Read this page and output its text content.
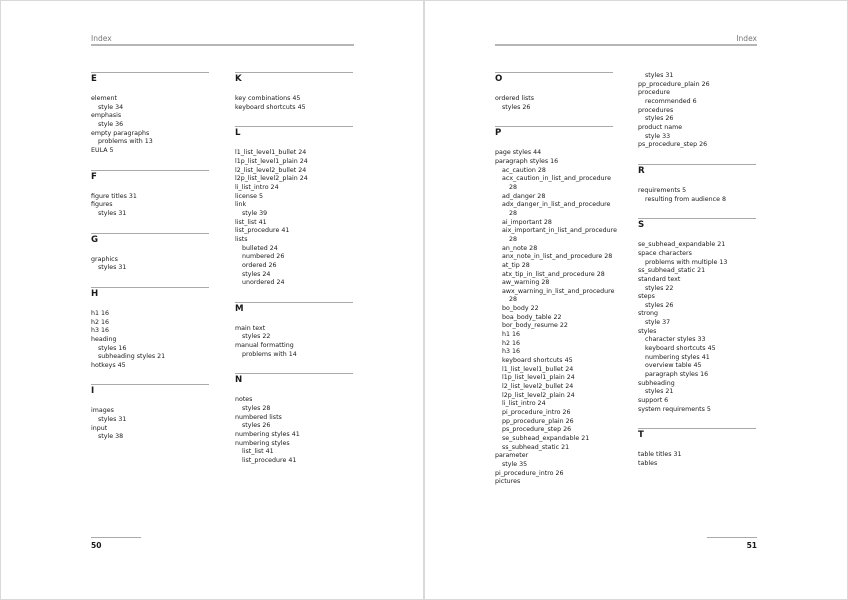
Index
E
element
style 34
emphasis
style 36
empty paragraphs
problems with 13
EULA 5
F
figure titles 31
figures
styles 31
G
graphics
styles 31
H
h1 16
h2 16
h3 16
heading
styles 16
subheading styles 21
hotkeys 45
I
images
styles 31
input
style 38
K
key combinations 45
keyboard shortcuts 45
L
l1_list_level1_bullet 24
l1p_list_level1_plain 24
l2_list_level2_bullet 24
l2p_list_level2_plain 24
li_list_intro 24
license 5
link
style 39
list_list 41
list_procedure 41
lists
bulleted 24
numbered 26
ordered 26
styles 24
unordered 24
M
main text
styles 22
manual formatting
problems with 14
N
notes
styles 28
numbered lists
styles 26
numbering styles 41
numbering styles
list_list 41
list_procedure 41
50
Index
O
ordered lists
styles 26
P
page styles 44
paragraph styles 16
ac_caution 28
acx_caution_in_list_and_procedure
28
ad_danger 28
adx_danger_in_list_and_procedure
28
ai_important 28
aix_important_in_list_and_procedure
28
an_note 28
anx_note_in_list_and_procedure 28
at_tip 28
atx_tip_in_list_and_procedure 28
aw_warning 28
awx_warning_in_list_and_procedure
28
bo_body 22
boa_body_table 22
bor_body_resume 22
h1 16
h2 16
h3 16
keyboard shortcuts 45
l1_list_level1_bullet 24
l1p_list_level1_plain 24
l2_list_level2_bullet 24
l2p_list_level2_plain 24
li_list_intro 24
pi_procedure_intro 26
pp_procedure_plain 26
ps_procedure_step 26
se_subhead_expandable 21
ss_subhead_static 21
parameter
style 35
pi_procedure_intro 26
pictures
styles 31
pp_procedure_plain 26
procedure
recommended 6
procedures
styles 26
product name
style 33
ps_procedure_step 26
R
requirements 5
resulting from audience 8
S
se_subhead_expandable 21
space characters
problems with multiple 13
ss_subhead_static 21
standard text
styles 22
steps
styles 26
strong
style 37
styles
character styles 33
keyboard shortcuts 45
numbering styles 41
overview table 45
paragraph styles 16
subheading
styles 21
support 6
system requirements 5
T
table titles 31
tables
51
